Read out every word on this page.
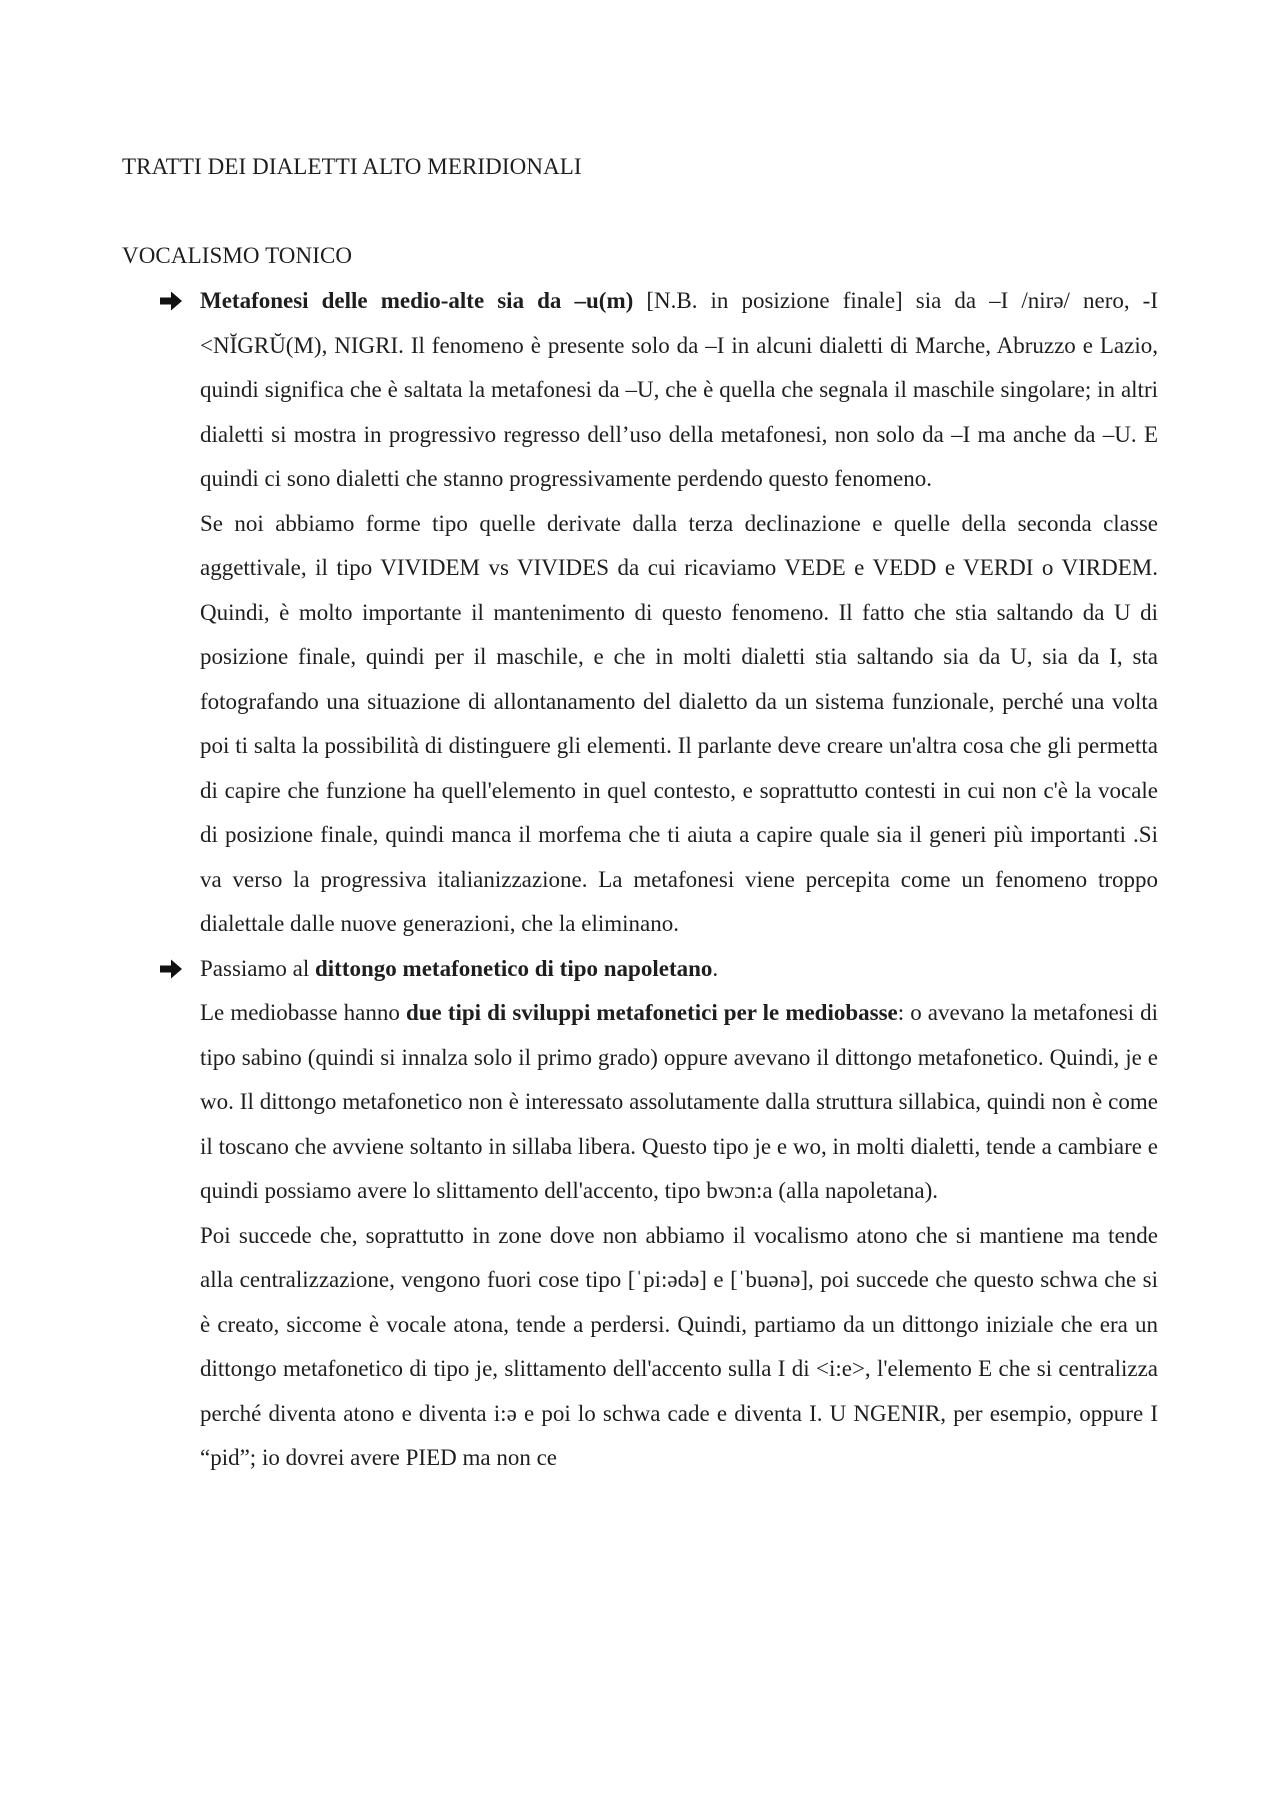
TRATTI DEI DIALETTI ALTO MERIDIONALI
VOCALISMO TONICO

Metafonesi delle medio-alte sia da –u(m) [N.B. in posizione finale] sia da –I /nirə/ nero, -I <NĬGRŬ(M), NIGRI. Il fenomeno è presente solo da –I in alcuni dialetti di Marche, Abruzzo e Lazio, quindi significa che è saltata la metafonesi da –U, che è quella che segnala il maschile singolare; in altri dialetti si mostra in progressivo regresso dell’uso della metafonesi, non solo da –I ma anche da –U. E quindi ci sono dialetti che stanno progressivamente perdendo questo fenomeno.

Se noi abbiamo forme tipo quelle derivate dalla terza declinazione e quelle della seconda classe aggettivale, il tipo VIVIDEM vs VIVIDES da cui ricaviamo VEDE e VEDD e VERDI o VIRDEM. Quindi, è molto importante il mantenimento di questo fenomeno. Il fatto che stia saltando da U di posizione finale, quindi per il maschile, e che in molti dialetti stia saltando sia da U, sia da I, sta fotografando una situazione di allontanamento del dialetto da un sistema funzionale, perché una volta poi ti salta la possibilità di distinguere gli elementi. Il parlante deve creare un'altra cosa che gli permetta di capire che funzione ha quell'elemento in quel contesto, e soprattutto contesti in cui non c'è la vocale di posizione finale, quindi manca il morfema che ti aiuta a capire quale sia il generi più importanti .Si va verso la progressiva italianizzazione. La metafonesi viene percepita come un fenomeno troppo dialettale dalle nuove generazioni, che la eliminano.

Passiamo al dittongo metafonetico di tipo napoletano.

Le mediobasse hanno due tipi di sviluppi metafonetici per le mediobasse: o avevano la metafonesi di tipo sabino (quindi si innalza solo il primo grado) oppure avevano il dittongo metafonetico. Quindi, je e wo. Il dittongo metafonetico non è interessato assolutamente dalla struttura sillabica, quindi non è come il toscano che avviene soltanto in sillaba libera. Questo tipo je e wo, in molti dialetti, tende a cambiare e quindi possiamo avere lo slittamento dell'accento, tipo bwɔn:a (alla napoletana).

Poi succede che, soprattutto in zone dove non abbiamo il vocalismo atono che si mantiene ma tende alla centralizzazione, vengono fuori cose tipo [ˈpi:ədə] e [ˈbuənə], poi succede che questo schwa che si è creato, siccome è vocale atona, tende a perdersi. Quindi, partiamo da un dittongo iniziale che era un dittongo metafonetico di tipo je, slittamento dell'accento sulla I di <i:e>, l'elemento E che si centralizza perché diventa atono e diventa i:ə e poi lo schwa cade e diventa I. U NGENIR, per esempio, oppure I “pid”; io dovrei avere PIED ma non ce
